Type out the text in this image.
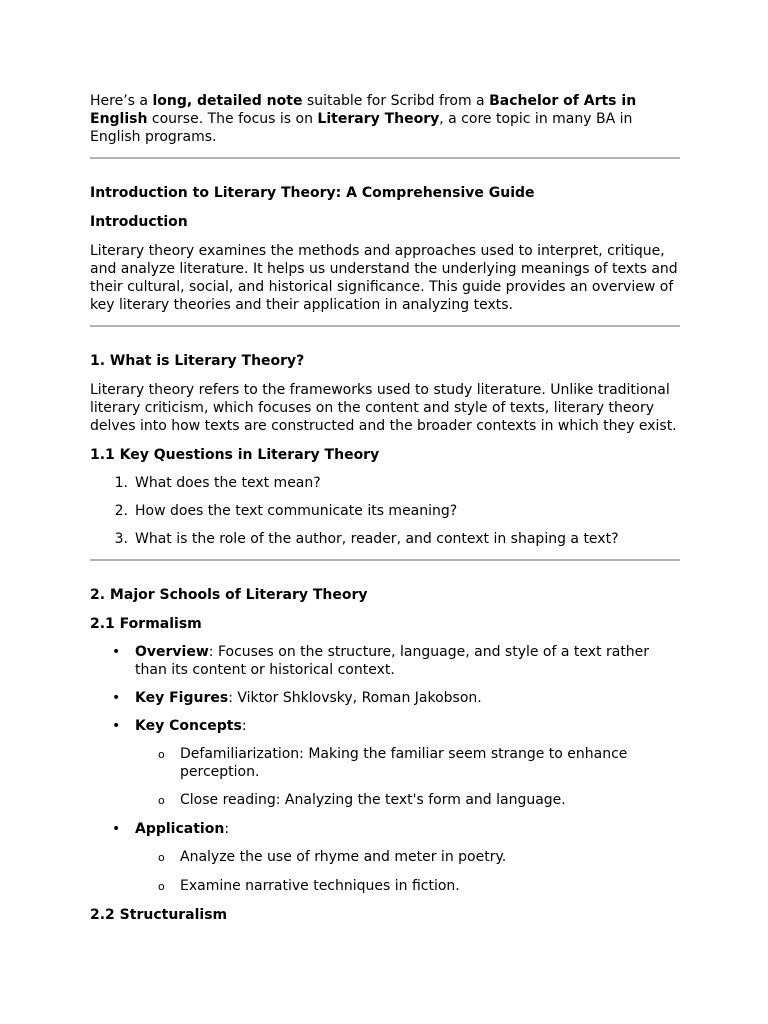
Here’s a long, detailed note suitable for Scribd from a Bachelor of Arts in English course. The focus is on Literary Theory, a core topic in many BA in English programs.

Introduction to Literary Theory: A Comprehensive Guide

Introduction

Literary theory examines the methods and approaches used to interpret, critique, and analyze literature. It helps us understand the underlying meanings of texts and their cultural, social, and historical significance. This guide provides an overview of key literary theories and their application in analyzing texts.

1. What is Literary Theory?

Literary theory refers to the frameworks used to study literature. Unlike traditional literary criticism, which focuses on the content and style of texts, literary theory delves into how texts are constructed and the broader contexts in which they exist.

1.1 Key Questions in Literary Theory

1. What does the text mean?
2. How does the text communicate its meaning?
3. What is the role of the author, reader, and context in shaping a text?

2. Major Schools of Literary Theory

2.1 Formalism

•	Overview: Focuses on the structure, language, and style of a text rather than its content or historical context.
•	Key Figures: Viktor Shklovsky, Roman Jakobson.
•	Key Concepts:
o	Defamiliarization: Making the familiar seem strange to enhance perception.
o	Close reading: Analyzing the text's form and language.
•	Application:
o	Analyze the use of rhyme and meter in poetry.
o	Examine narrative techniques in fiction.

2.2 Structuralism
